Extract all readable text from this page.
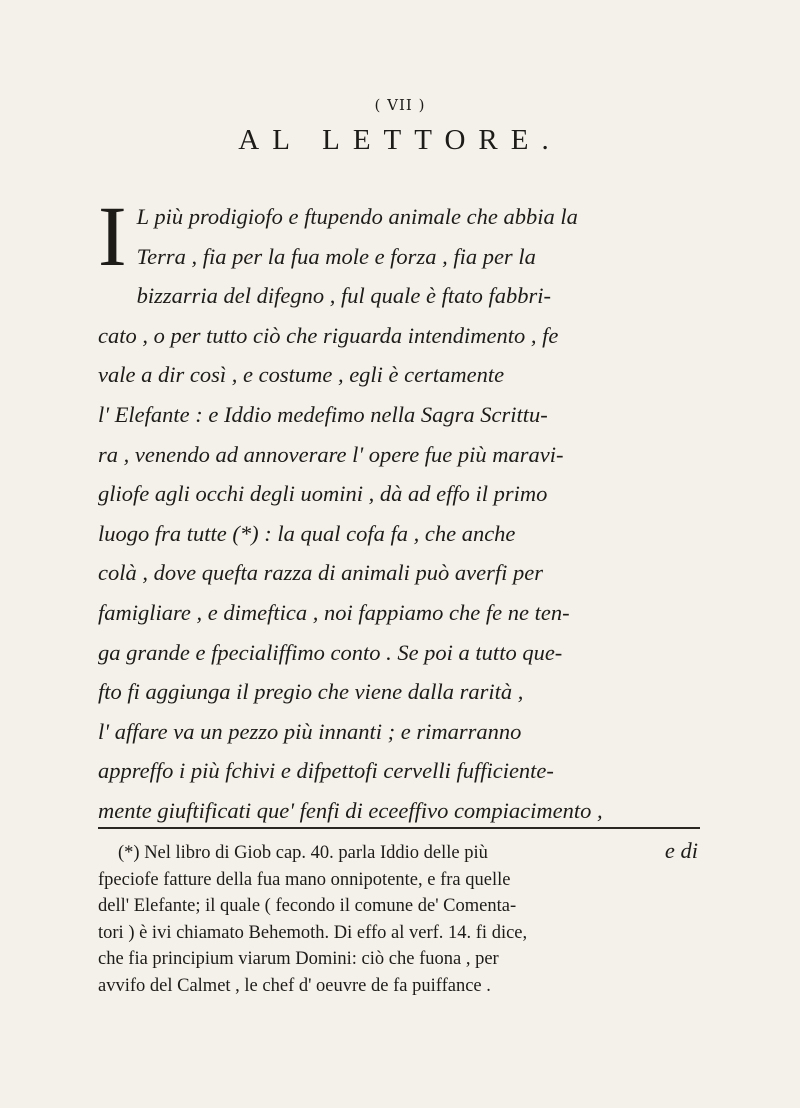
( VII )
AL LETTORE.
I L più prodigiofo e ftupendo animale che abbia la
Terra , fia per la fua mole e forza , fia per la
bizzarria del difegno , ful quale è ftato fabbri-
cato , o per tutto ciò che riguarda intendimento , fe
vale a dir così , e costume , egli è certamente
l' Elefante : e Iddio medefimo nella Sagra Scrittu-
ra , venendo ad annoverare l' opere fue più maravi-
gliofe agli occhi degli uomini , dà ad effo il primo
luogo fra tutte (*) : la qual cofa fa , che anche
colà , dove quefta razza di animali può averfi per
famigliare , e dimeftica , noi fappiamo che fe ne ten-
ga grande e fpecialiffimo conto . Se poi a tutto que-
fto fi aggiunga il pregio che viene dalla rarità ,
l' affare va un pezzo più innanti ; e rimarranno
appreffo i più fchivi e difpettofi cervelli fufficiente-
mente giuftificati que' fenfi di eceeffivo compiacimento ,
e di
(*) Nel libro di Giob cap. 40. parla Iddio delle più
fpeciofe fatture della fua mano onnipotente, e fra quelle
dell' Elefante; il quale ( fecondo il comune de' Comenta-
tori ) è ivi chiamato Behemoth. Di effo al verf. 14. fi dice,
che fia principium viarum Domini: ciò che fuona , per
avvifo del Calmet , le chef d' oeuvre de fa puiffance .
